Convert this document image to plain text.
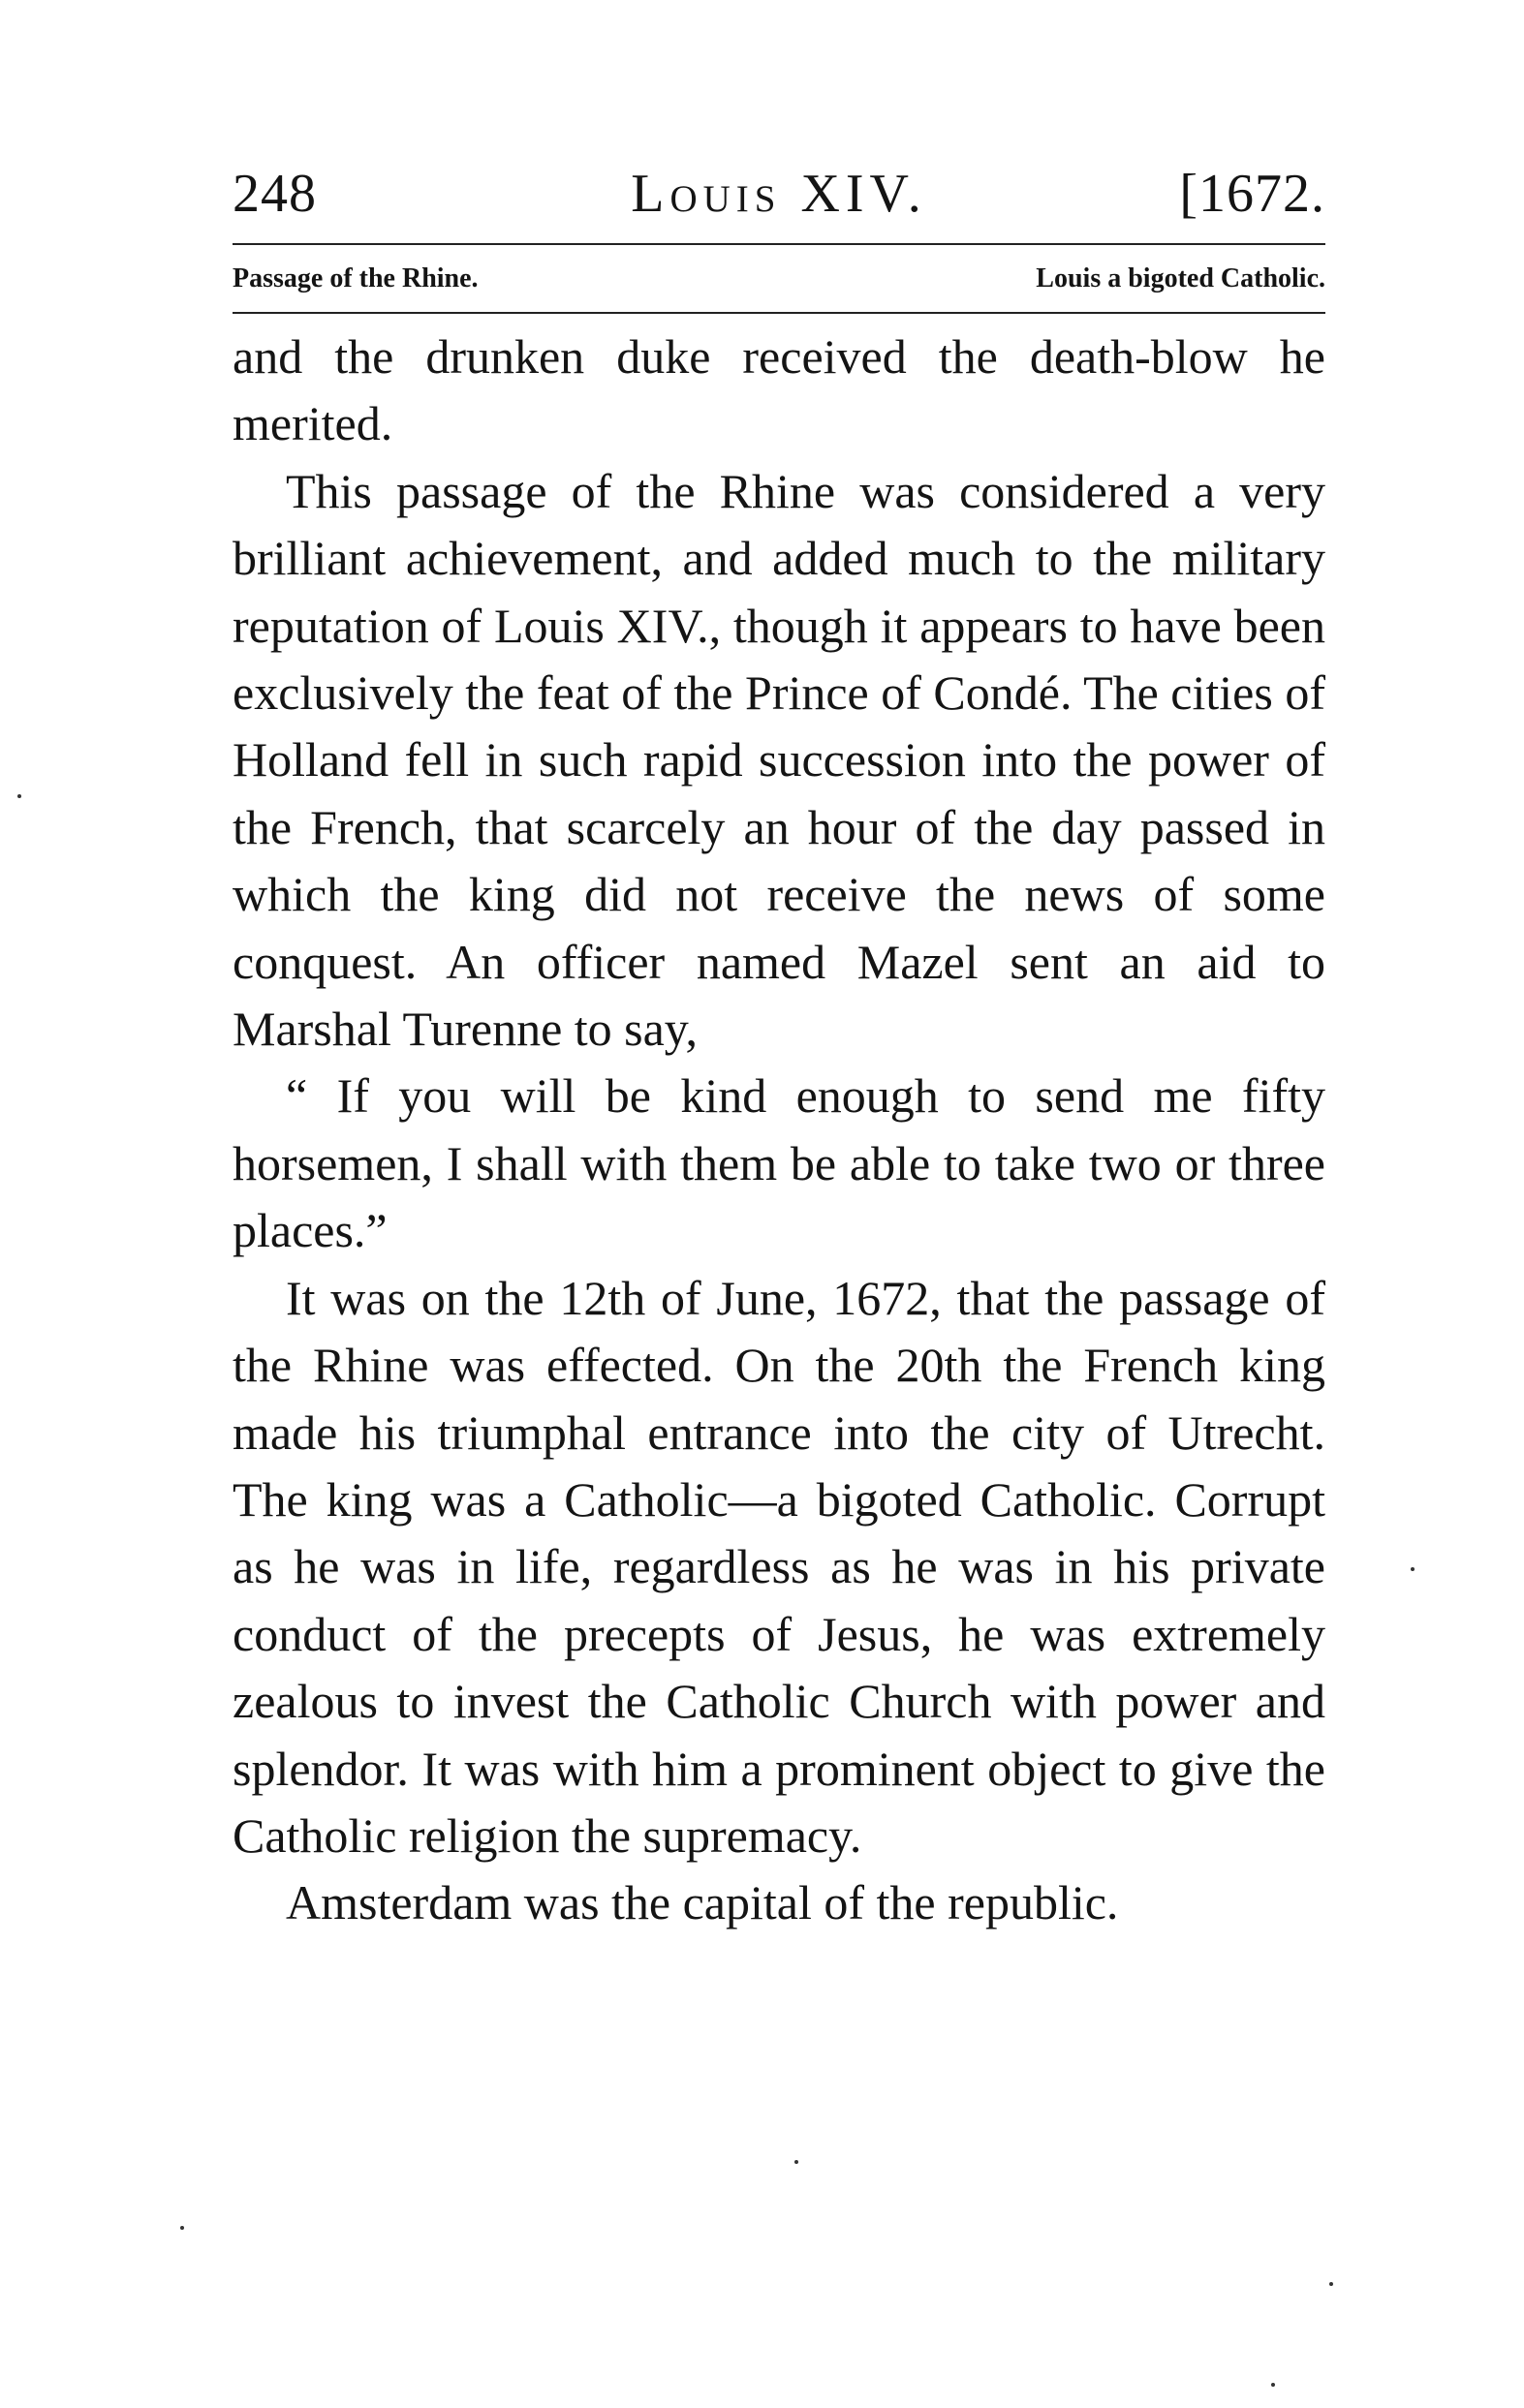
248	Louis XIV.	[1672.
Passage of the Rhine.	Louis a bigoted Catholic.

and the drunken duke received the death-blow he merited.

This passage of the Rhine was considered a very brilliant achievement, and added much to the military reputation of Louis XIV., though it appears to have been exclusively the feat of the Prince of Condé. The cities of Holland fell in such rapid succession into the power of the French, that scarcely an hour of the day passed in which the king did not receive the news of some conquest. An officer named Mazel sent an aid to Marshal Turenne to say,

“ If you will be kind enough to send me fifty horsemen, I shall with them be able to take two or three places.”

It was on the 12th of June, 1672, that the passage of the Rhine was effected. On the 20th the French king made his triumphal entrance into the city of Utrecht. The king was a Catholic—a bigoted Catholic. Corrupt as he was in life, regardless as he was in his private conduct of the precepts of Jesus, he was extremely zealous to invest the Catholic Church with power and splendor. It was with him a prominent object to give the Catholic religion the supremacy.

Amsterdam was the capital of the republic.
